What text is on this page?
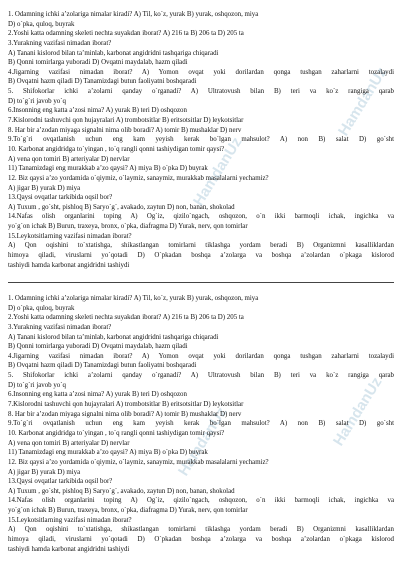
HamdanUz
HamdanUz
HamdanUz	HamdanUz
1. Odamning ichki a’zolariga nimalar kiradi? A) Til, ko`z, yurak B) yurak, oshqozon, miya
D) o`pka, quloq, buyrak
2.Yoshi katta odamning skeleti nechta suyakdan iborat? A) 216 ta B) 206 ta D) 205 ta
3.Yurakning vazifasi nimadan iborat?
A) Tanani kislorod bilan ta’minlab, karbonat angidridni tashqariga chiqaradi
B) Qonni tomirlarga yuboradi D) Ovqatni maydalab, hazm qiladi
4.Jigarning vazifasi nimadan iborat? A) Yomon ovqat yoki dorilardan qonga tushgan zaharlarni tozalaydi
B) Ovqatni hazm qiladi D) Tanamizdagi butun faoliyatni boshqaradi
5. Shifokorlar ichki a’zolarni qanday o`rganadi? A) Ultratovush bilan B) teri va ko`z rangiga qarab
D) to`g`ri javob yo`q
6.Insonning eng katta a’zosi nima? A) yurak B) teri D) oshqozon
7.Kislorodni tashuvchi qon hujayralari A) trombotsitlar B) eritsotsitlar D) leykotsitlar
8. Har bir a’zodan miyaga signalni nima olib boradi? A) tomir B) mushaklar D) nerv
9.To`g`ri ovqatlanish uchun eng kam yeyish kerak bo`lgan mahsulot? A) non B) salat D) go`sht
10. Karbonat angidridga to`yingan , to`q rangli qonni tashiydigan tomir qaysi?
A) vena qon tomiri B) arteriyalar D) nervlar
11) Tanamizdagi eng murakkab a’zo qaysi? A) miya B) o`pka D) buyrak
12. Biz qaysi a’zo yordamida o`qiymiz, o`laymiz, sanaymiz, murakkab masalalarni yechamiz?
A) jigar B) yurak D) miya
13.Qaysi ovqatlar tarkibida oqsil bor?
A) Tuxum , go`sht, pishloq B) Saryo`g`, avakado, zaytun D) non, banan, shokolad
14.Nafas olish organlarini toping A) Og`iz, qizilo`ngach, oshqozon, o`n ikki barmoqli ichak, ingichka va
yo`g`on ichak B) Burun, traxeya, bronx, o`pka, diafragma D) Yurak, nerv, qon tomirlar
15.Leykotsitlarning vazifasi nimadan iborat?
A) Qon oqishini to`xtatishga, shikastlangan tomirlarni tiklashga yordam beradi B) Organizmni kasalliklardan
himoya qiladi, viruslarni yo`qotadi D) O`pkadan boshqa a’zolarga va boshqa a’zolardan o`pkaga kislorod
tashiydi hamda karbonat angidridni tashiydi
1. Odamning ichki a’zolariga nimalar kiradi? A) Til, ko`z, yurak B) yurak, oshqozon, miya
D) o`pka, quloq, buyrak
2.Yoshi katta odamning skeleti nechta suyakdan iborat? A) 216 ta B) 206 ta D) 205 ta
3.Yurakning vazifasi nimadan iborat?
A) Tanani kislorod bilan ta’minlab, karbonat angidridni tashqariga chiqaradi
B) Qonni tomirlarga yuboradi D) Ovqatni maydalab, hazm qiladi
4.Jigarning vazifasi nimadan iborat? A) Yomon ovqat yoki dorilardan qonga tushgan zaharlarni tozalaydi
B) Ovqatni hazm qiladi D) Tanamizdagi butun faoliyatni boshqaradi
5. Shifokorlar ichki a’zolarni qanday o`rganadi? A) Ultratovush bilan B) teri va ko`z rangiga qarab
D) to`g`ri javob yo`q
6.Insonning eng katta a’zosi nima? A) yurak B) teri D) oshqozon
7.Kislorodni tashuvchi qon hujayralari A) trombotsitlar B) eritsotsitlar D) leykotsitlar
8. Har bir a’zodan miyaga signalni nima olib boradi? A) tomir B) mushaklar D) nerv
9.To`g`ri ovqatlanish uchun eng kam yeyish kerak bo`lgan mahsulot? A) non B) salat D) go`sht
10. Karbonat angidridga to`yingan , to`q rangli qonni tashiydigan tomir qaysi?
A) vena qon tomiri B) arteriyalar D) nervlar
11) Tanamizdagi eng murakkab a’zo qaysi? A) miya B) o`pka D) buyrak
12. Biz qaysi a’zo yordamida o`qiymiz, o`laymiz, sanaymiz, murakkab masalalarni yechamiz?
A) jigar B) yurak D) miya
13.Qaysi ovqatlar tarkibida oqsil bor?
A) Tuxum , go`sht, pishloq B) Saryo`g`, avakado, zaytun D) non, banan, shokolad
14.Nafas olish organlarini toping A) Og`iz, qizilo`ngach, oshqozon, o`n ikki barmoqli ichak, ingichka va
yo`g`on ichak B) Burun, traxeya, bronx, o`pka, diafragma D) Yurak, nerv, qon tomirlar
15.Leykotsitlarning vazifasi nimadan iborat?
A) Qon oqishini to`xtatishga, shikastlangan tomirlarni tiklashga yordam beradi B) Organizmni kasalliklardan
himoya qiladi, viruslarni yo`qotadi D) O`pkadan boshqa a’zolarga va boshqa a’zolardan o`pkaga kislorod
tashiydi hamda karbonat angidridni tashiydi
